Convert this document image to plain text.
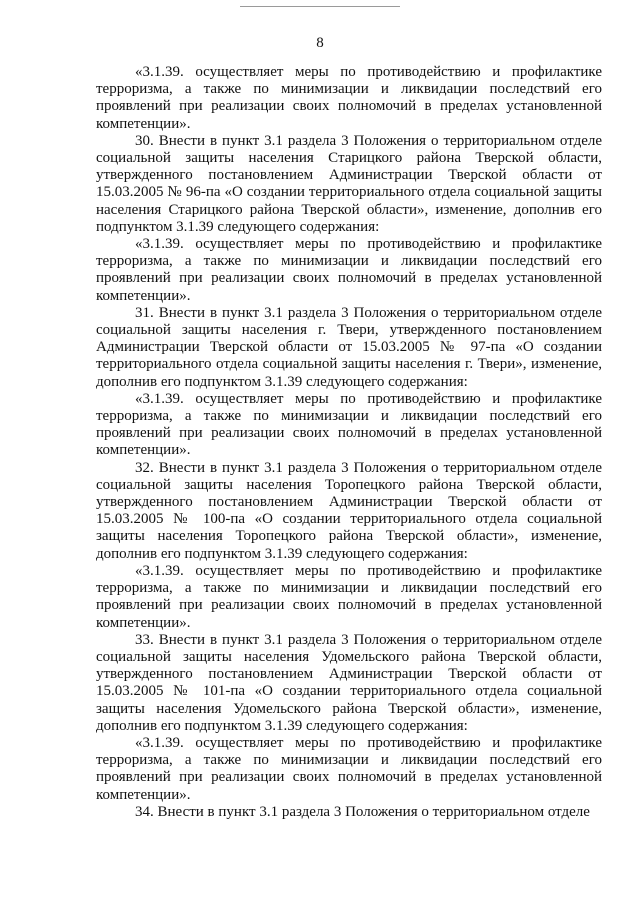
8

«3.1.39. осуществляет меры по противодействию и профилактике терроризма, а также по минимизации и ликвидации последствий его проявлений при реализации своих полномочий в пределах установленной компетенции».

30. Внести в пункт 3.1 раздела 3 Положения о территориальном отделе социальной защиты населения Старицкого района Тверской области, утвержденного постановлением Администрации Тверской области от 15.03.2005 № 96-па «О создании территориального отдела социальной защиты населения Старицкого района Тверской области», изменение, дополнив его подпунктом 3.1.39 следующего содержания:

«3.1.39. осуществляет меры по противодействию и профилактике терроризма, а также по минимизации и ликвидации последствий его проявлений при реализации своих полномочий в пределах установленной компетенции».

31. Внести в пункт 3.1 раздела 3 Положения о территориальном отделе социальной защиты населения г. Твери, утвержденного постановлением Администрации Тверской области от 15.03.2005 № 97-па «О создании территориального отдела социальной защиты населения г. Твери», изменение, дополнив его подпунктом 3.1.39 следующего содержания:

«3.1.39. осуществляет меры по противодействию и профилактике терроризма, а также по минимизации и ликвидации последствий его проявлений при реализации своих полномочий в пределах установленной компетенции».

32. Внести в пункт 3.1 раздела 3 Положения о территориальном отделе социальной защиты населения Торопецкого района Тверской области, утвержденного постановлением Администрации Тверской области от 15.03.2005 № 100-па «О создании территориального отдела социальной защиты населения Торопецкого района Тверской области», изменение, дополнив его подпунктом 3.1.39 следующего содержания:

«3.1.39. осуществляет меры по противодействию и профилактике терроризма, а также по минимизации и ликвидации последствий его проявлений при реализации своих полномочий в пределах установленной компетенции».

33. Внести в пункт 3.1 раздела 3 Положения о территориальном отделе социальной защиты населения Удомельского района Тверской области, утвержденного постановлением Администрации Тверской области от 15.03.2005 № 101-па «О создании территориального отдела социальной защиты населения Удомельского района Тверской области», изменение, дополнив его подпунктом 3.1.39 следующего содержания:

«3.1.39. осуществляет меры по противодействию и профилактике терроризма, а также по минимизации и ликвидации последствий его проявлений при реализации своих полномочий в пределах установленной компетенции».

34. Внести в пункт 3.1 раздела 3 Положения о территориальном отделе
